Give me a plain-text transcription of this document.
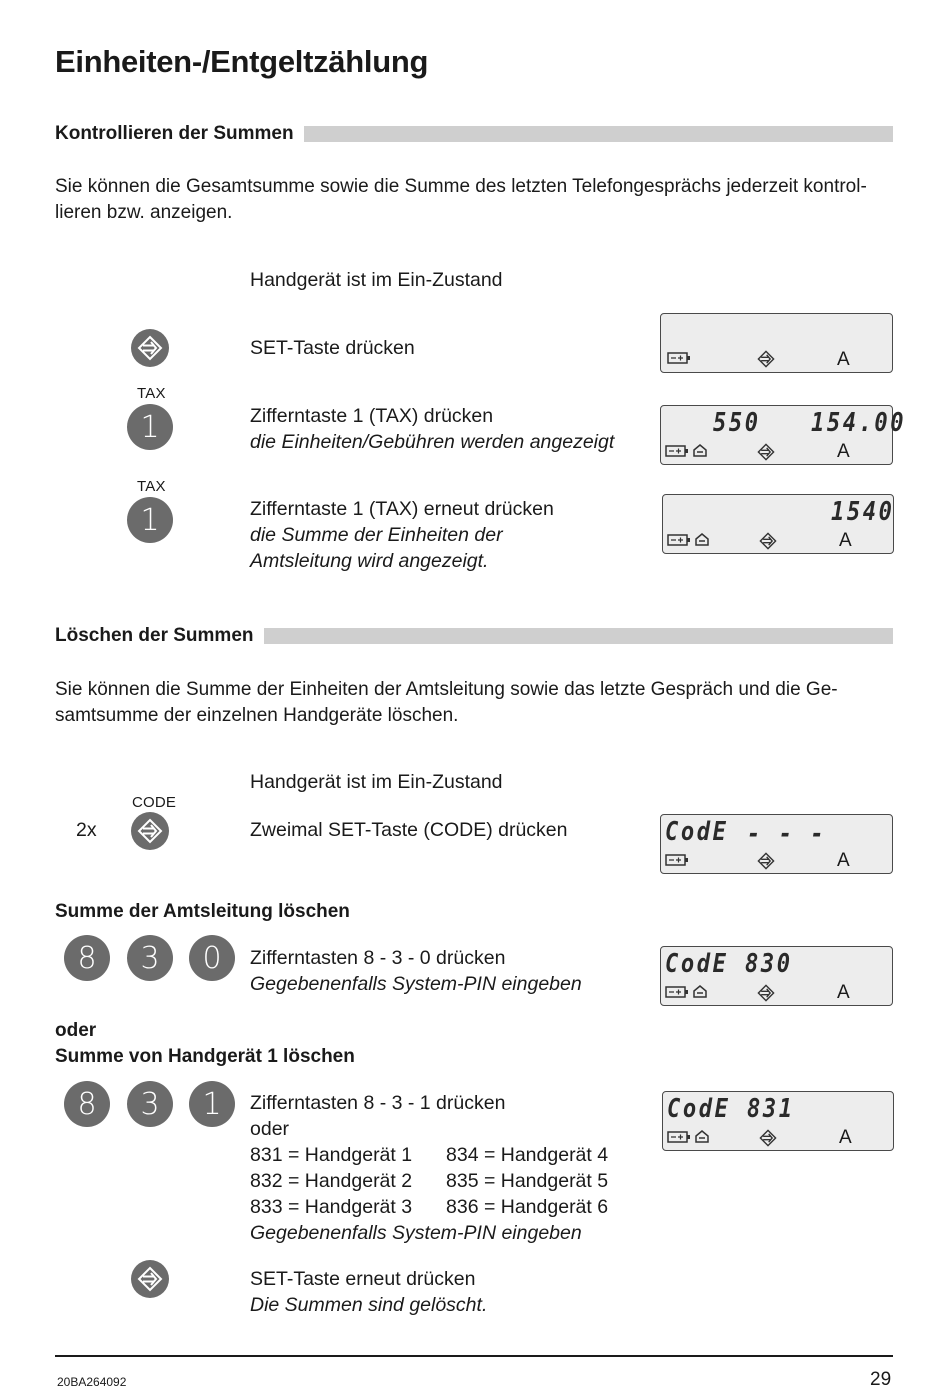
Einheiten-/Entgeltzählung
Kontrollieren der Summen
Sie können die Gesamtsumme sowie die Summe des letzten Telefongesprächs jederzeit kontrol-
lieren bzw. anzeigen.
Handgerät ist im Ein-Zustand
SET-Taste drücken
A
TAX
1	Zifferntaste 1 (TAX) drücken
die Einheiten/Gebühren werden angezeigt
550 154.00
A
TAX
1	Zifferntaste 1 (TAX) erneut drücken
die Summe der Einheiten der
Amtsleitung wird angezeigt.
1540
A
Löschen der Summen
Sie können die Summe der Einheiten der Amtsleitung sowie das letzte Gespräch und die Ge-
samtsumme der einzelnen Handgeräte löschen.
Handgerät ist im Ein-Zustand
CODE
2x	Zweimal SET-Taste (CODE) drücken	CodE - - -
A
Summe der Amtsleitung löschen
8	3	0	Zifferntasten 8 - 3 - 0 drücken
Gegebenenfalls System-PIN eingeben
CodE 830
A
oder
Summe von Handgerät 1 löschen
8	3	1	Zifferntasten 8 - 3 - 1 drücken
oder
831 = Handgerät 1 834 = Handgerät 4
832 = Handgerät 2 835 = Handgerät 5
833 = Handgerät 3 836 = Handgerät 6
Gegebenenfalls System-PIN eingeben
CodE 831
A
SET-Taste erneut drücken
Die Summen sind gelöscht.
20BA264092	29
